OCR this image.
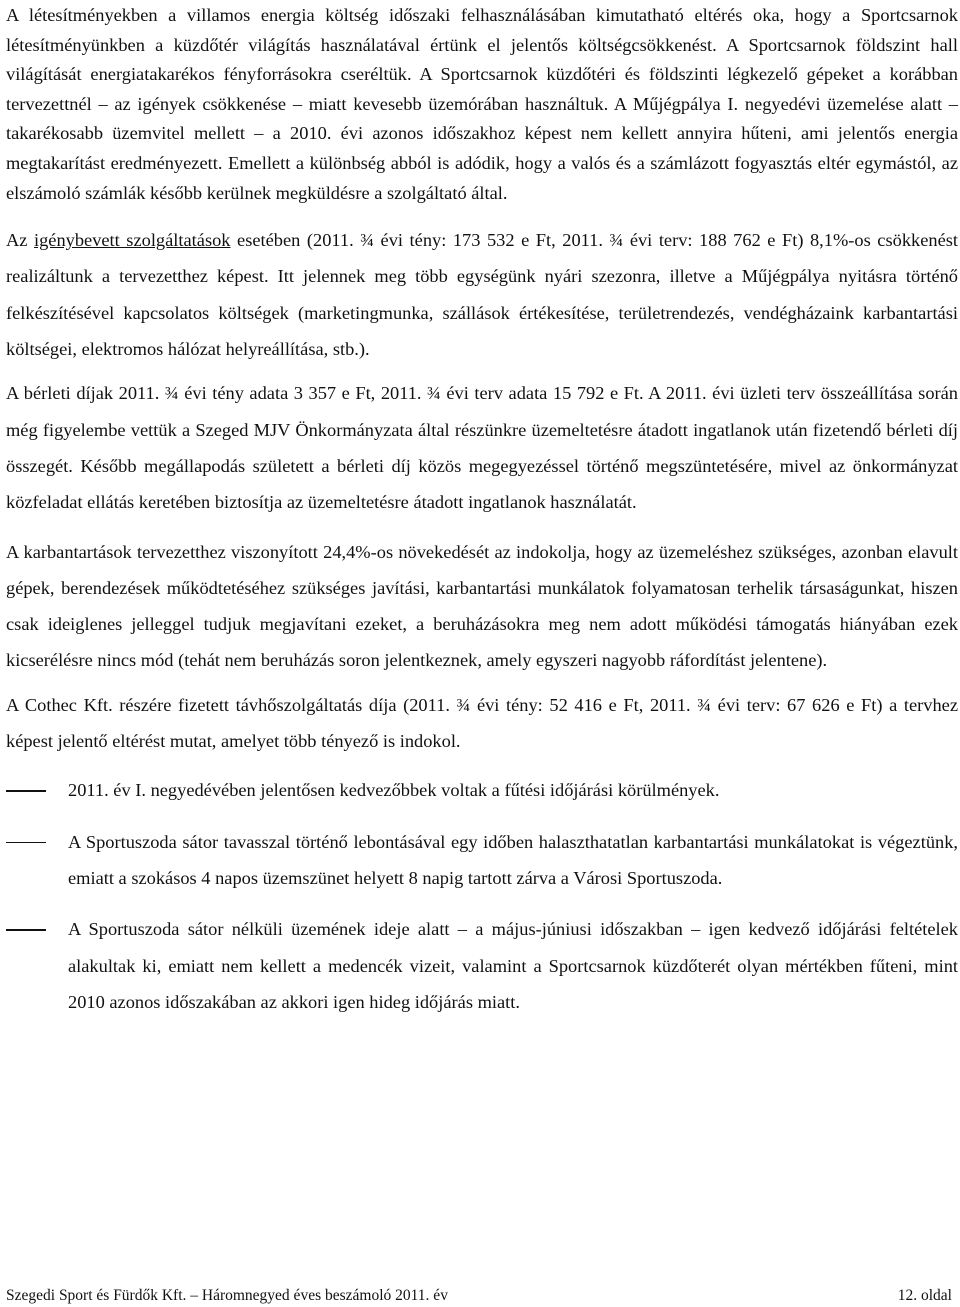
A létesítményekben a villamos energia költség időszaki felhasználásában kimutatható eltérés oka, hogy a Sportcsarnok létesítményünkben a küzdőtér világítás használatával értünk el jelentős költségcsökkenést. A Sportcsarnok földszint hall világítását energiatakarékos fényforrásokra cseréltük. A Sportcsarnok küzdőtéri és földszinti légkezelő gépeket a korábban tervezettnél – az igények csökkenése – miatt kevesebb üzemórában használtuk. A Műjégpálya I. negyedévi üzemelése alatt – takarékosabb üzemvitel mellett – a 2010. évi azonos időszakhoz képest nem kellett annyira hűteni, ami jelentős energia megtakarítást eredményezett. Emellett a különbség abból is adódik, hogy a valós és a számlázott fogyasztás eltér egymástól, az elszámoló számlák később kerülnek megküldésre a szolgáltató által.

Az igénybevett szolgáltatások esetében (2011. ¾ évi tény: 173 532 e Ft, 2011. ¾ évi terv: 188 762 e Ft) 8,1%-os csökkenést realizáltunk a tervezetthez képest. Itt jelennek meg több egységünk nyári szezonra, illetve a Műjégpálya nyitásra történő felkészítésével kapcsolatos költségek (marketingmunka, szállások értékesítése, területrendezés, vendégházaink karbantartási költségei, elektromos hálózat helyreállítása, stb.).

A bérleti díjak 2011. ¾ évi tény adata 3 357 e Ft, 2011. ¾ évi terv adata 15 792 e Ft. A 2011. évi üzleti terv összeállítása során még figyelembe vettük a Szeged MJV Önkormányzata által részünkre üzemeltetésre átadott ingatlanok után fizetendő bérleti díj összegét. Később megállapodás született a bérleti díj közös megegyezéssel történő megszüntetésére, mivel az önkormányzat közfeladat ellátás keretében biztosítja az üzemeltetésre átadott ingatlanok használatát.

A karbantartások tervezetthez viszonyított 24,4%-os növekedését az indokolja, hogy az üzemeléshez szükséges, azonban elavult gépek, berendezések működtetéséhez szükséges javítási, karbantartási munkálatok folyamatosan terhelik társaságunkat, hiszen csak ideiglenes jelleggel tudjuk megjavítani ezeket, a beruházásokra meg nem adott működési támogatás hiányában ezek kicserélésre nincs mód (tehát nem beruházás soron jelentkeznek, amely egyszeri nagyobb ráfordítást jelentene).

A Cothec Kft. részére fizetett távhőszolgáltatás díja (2011. ¾ évi tény: 52 416 e Ft, 2011. ¾ évi terv: 67 626 e Ft) a tervhez képest jelentő eltérést mutat, amelyet több tényező is indokol.

2011. év I. negyedévében jelentősen kedvezőbbek voltak a fűtési időjárási körülmények.
A Sportuszoda sátor tavasszal történő lebontásával egy időben halaszthatatlan karbantartási munkálatokat is végeztünk, emiatt a szokásos 4 napos üzemszünet helyett 8 napig tartott zárva a Városi Sportuszoda.
A Sportuszoda sátor nélküli üzemének ideje alatt – a május-júniusi időszakban – igen kedvező időjárási feltételek alakultak ki, emiatt nem kellett a medencék vizeit, valamint a Sportcsarnok küzdőterét olyan mértékben fűteni, mint 2010 azonos időszakában az akkori igen hideg időjárás miatt.
Szegedi Sport és Fürdők Kft. – Háromnegyed éves beszámoló 2011. év	12. oldal
